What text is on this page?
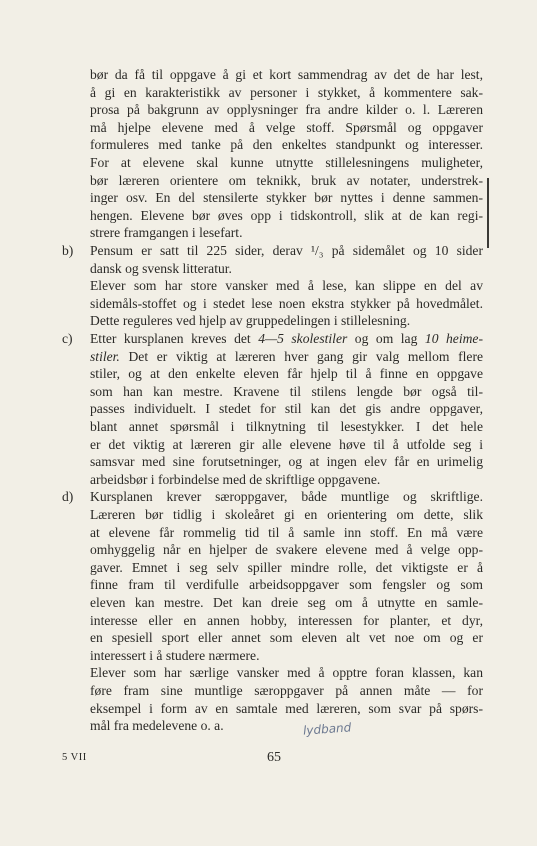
bør da få til oppgave å gi et kort sammendrag av det de har lest,
å gi en karakteristikk av personer i stykket, å kommentere sak-
prosa på bakgrunn av opplysninger fra andre kilder o. l. Læreren
må hjelpe elevene med å velge stoff. Spørsmål og oppgaver
formuleres med tanke på den enkeltes standpunkt og interesser.
For at elevene skal kunne utnytte stillelesningens muligheter,
bør læreren orientere om teknikk, bruk av notater, understrek-
inger osv. En del stensilerte stykker bør nyttes i denne sammen-
hengen. Elevene bør øves opp i tidskontroll, slik at de kan regi-
strere framgangen i lesefart.
b)	Pensum er satt til 225 sider, derav ¹/₃ på sidemålet og 10 sider
dansk og svensk litteratur.
Elever som har store vansker med å lese, kan slippe en del av
sidemåls-stoffet og i stedet lese noen ekstra stykker på hovedmålet.
Dette reguleres ved hjelp av gruppedelingen i stillelesning.
c)	Etter kursplanen kreves det 4—5 skolestiler og om lag 10 heime-
stiler. Det er viktig at læreren hver gang gir valg mellom flere
stiler, og at den enkelte eleven får hjelp til å finne en oppgave
som han kan mestre. Kravene til stilens lengde bør også til-
passes individuelt. I stedet for stil kan det gis andre oppgaver,
blant annet spørsmål i tilknytning til lesestykker. I det hele
er det viktig at læreren gir alle elevene høve til å utfolde seg i
samsvar med sine forutsetninger, og at ingen elev får en urimelig
arbeidsbør i forbindelse med de skriftlige oppgavene.
d)	Kursplanen krever særoppgaver, både muntlige og skriftlige.
Læreren bør tidlig i skoleåret gi en orientering om dette, slik
at elevene får rommelig tid til å samle inn stoff. En må være
omhyggelig når en hjelper de svakere elevene med å velge opp-
gaver. Emnet i seg selv spiller mindre rolle, det viktigste er å
finne fram til verdifulle arbeidsoppgaver som fengsler og som
eleven kan mestre. Det kan dreie seg om å utnytte en samle-
interesse eller en annen hobby, interessen for planter, et dyr,
en spesiell sport eller annet som eleven alt vet noe om og er
interessert i å studere nærmere.
Elever som har særlige vansker med å opptre foran klassen, kan
føre fram sine muntlige særoppgaver på annen måte — for
eksempel i form av en samtale med læreren, som svar på spørs-
mål fra medelevene o. a.	lydband
5 VII	65
